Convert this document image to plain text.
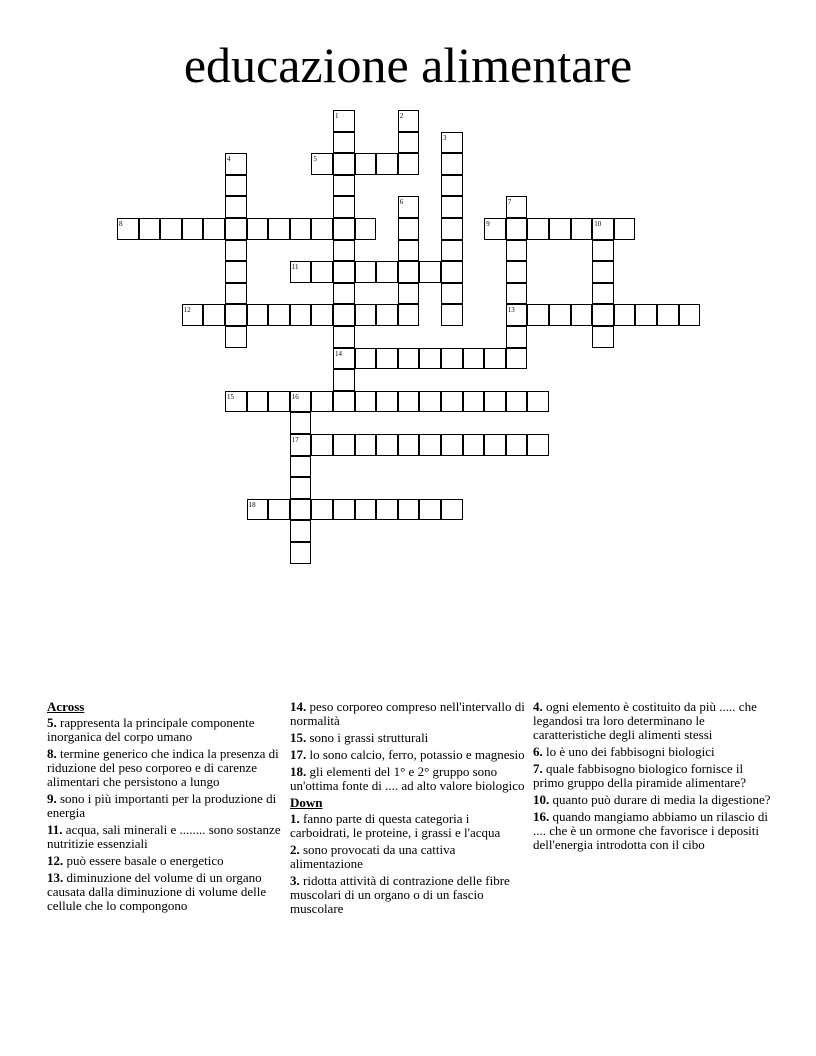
educazione alimentare
1	2
3
4	5
6	7
8	9	10
11
12	13
14
15	16
17
18
Across
5. rappresenta la principale componente inorganica del corpo umano
8. termine generico che indica la presenza di riduzione del peso corporeo e di carenze alimentari che persistono a lungo
9. sono i più importanti per la produzione di energia
11. acqua, sali minerali e ........ sono sostanze nutritizie essenziali
12. può essere basale o energetico
13. diminuzione del volume di un organo causata dalla diminuzione di volume delle cellule che lo compongono
14. peso corporeo compreso nell'intervallo di normalità
15. sono i grassi strutturali
17. lo sono calcio, ferro, potassio e magnesio
18. gli elementi del 1° e 2° gruppo sono un'ottima fonte di .... ad alto valore biologico
Down
1. fanno parte di questa categoria i carboidrati, le proteine, i grassi e l'acqua
2. sono provocati da una cattiva alimentazione
3. ridotta attività di contrazione delle fibre muscolari di un organo o di un fascio muscolare
4. ogni elemento è costituito da più ..... che legandosi tra loro determinano le caratteristiche degli alimenti stessi
6. lo è uno dei fabbisogni biologici
7. quale fabbisogno biologico fornisce il primo gruppo della piramide alimentare?
10. quanto può durare di media la digestione?
16. quando mangiamo abbiamo un rilascio di .... che è un ormone che favorisce i depositi dell'energia introdotta con il cibo
